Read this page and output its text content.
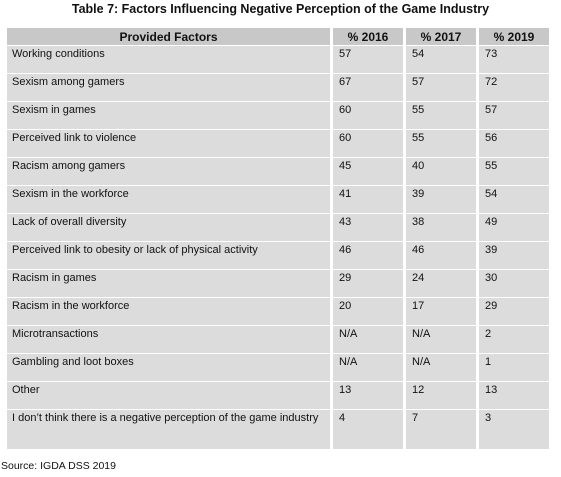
Table 7: Factors Influencing Negative Perception of the Game Industry
Provided Factors	% 2016	% 2017	% 2019
Working conditions	57	54	73
Sexism among gamers	67	57	72
Sexism in games	60	55	57
Perceived link to violence	60	55	56
Racism among gamers	45	40	55
Sexism in the workforce	41	39	54
Lack of overall diversity	43	38	49
Perceived link to obesity or lack of physical activity	46	46	39
Racism in games	29	24	30
Racism in the workforce	20	17	29
Microtransactions	N/A	N/A	2
Gambling and loot boxes	N/A	N/A	1
Other	13	12	13
I don’t think there is a negative perception of the game industry	4	7	3
Source: IGDA DSS 2019
